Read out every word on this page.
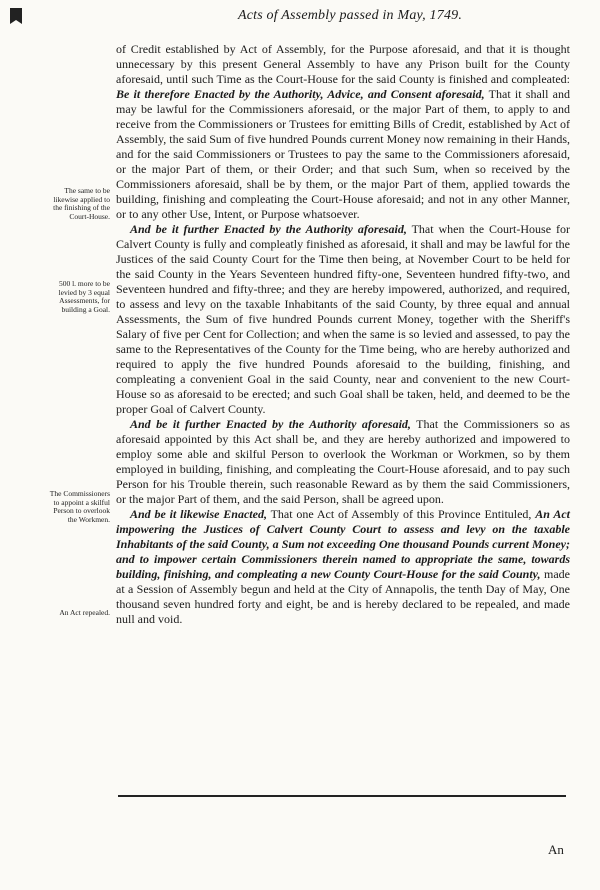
Acts of Assembly passed in May, 1749.
The same to be likewise applied to the finishing of the Court-House.
500 l. more to be levied by 3 equal Assessments, for building a Goal.
The Commissioners to appoint a skilful Person to overlook the Workmen.
An Act repealed.

of Credit established by Act of Assembly, for the Purpose aforesaid, and that it is thought unnecessary by this present General Assembly to have any Prison built for the County aforesaid, until such Time as the Court-House for the said County is finished and compleated: Be it therefore Enacted by the Authority, Advice, and Consent aforesaid, That it shall and may be lawful for the Commissioners aforesaid, or the major Part of them, to apply to and receive from the Commissioners or Trustees for emitting Bills of Credit, established by Act of Assembly, the said Sum of five hundred Pounds current Money now remaining in their Hands, and for the said Commissioners or Trustees to pay the same to the Commissioners aforesaid, or the major Part of them, or their Order; and that such Sum, when so received by the Commissioners aforesaid, shall be by them, or the major Part of them, applied towards the building, finishing and compleating the Court-House aforesaid; and not in any other Manner, or to any other Use, Intent, or Purpose whatsoever.

And be it further Enacted by the Authority aforesaid, That when the Court-House for Calvert County is fully and compleatly finished as aforesaid, it shall and may be lawful for the Justices of the said County Court for the Time then being, at November Court to be held for the said County in the Years Seventeen hundred fifty-one, Seventeen hundred fifty-two, and Seventeen hundred and fifty-three; and they are hereby impowered, authorized, and required, to assess and levy on the taxable Inhabitants of the said County, by three equal and annual Assessments, the Sum of five hundred Pounds current Money, together with the Sheriff's Salary of five per Cent for Collection; and when the same is so levied and assessed, to pay the same to the Representatives of the County for the Time being, who are hereby authorized and required to apply the five hundred Pounds aforesaid to the building, finishing, and compleating a convenient Goal in the said County, near and convenient to the new Court-House so as aforesaid to be erected; and such Goal shall be taken, held, and deemed to be the proper Goal of Calvert County.

And be it further Enacted by the Authority aforesaid, That the Commissioners so as aforesaid appointed by this Act shall be, and they are hereby authorized and impowered to employ some able and skilful Person to overlook the Workman or Workmen, so by them employed in building, finishing, and compleating the Court-House aforesaid, and to pay such Person for his Trouble therein, such reasonable Reward as by them the said Commissioners, or the major Part of them, and the said Person, shall be agreed upon.

And be it likewise Enacted, That one Act of Assembly of this Province Entituled, An Act impowering the Justices of Calvert County Court to assess and levy on the taxable Inhabitants of the said County, a Sum not exceeding One thousand Pounds current Money; and to impower certain Commissioners therein named to appropriate the same, towards building, finishing, and compleating a new County Court-House for the said County, made at a Session of Assembly begun and held at the City of Annapolis, the tenth Day of May, One thousand seven hundred forty and eight, be and is hereby declared to be repealed, and made null and void.

An
